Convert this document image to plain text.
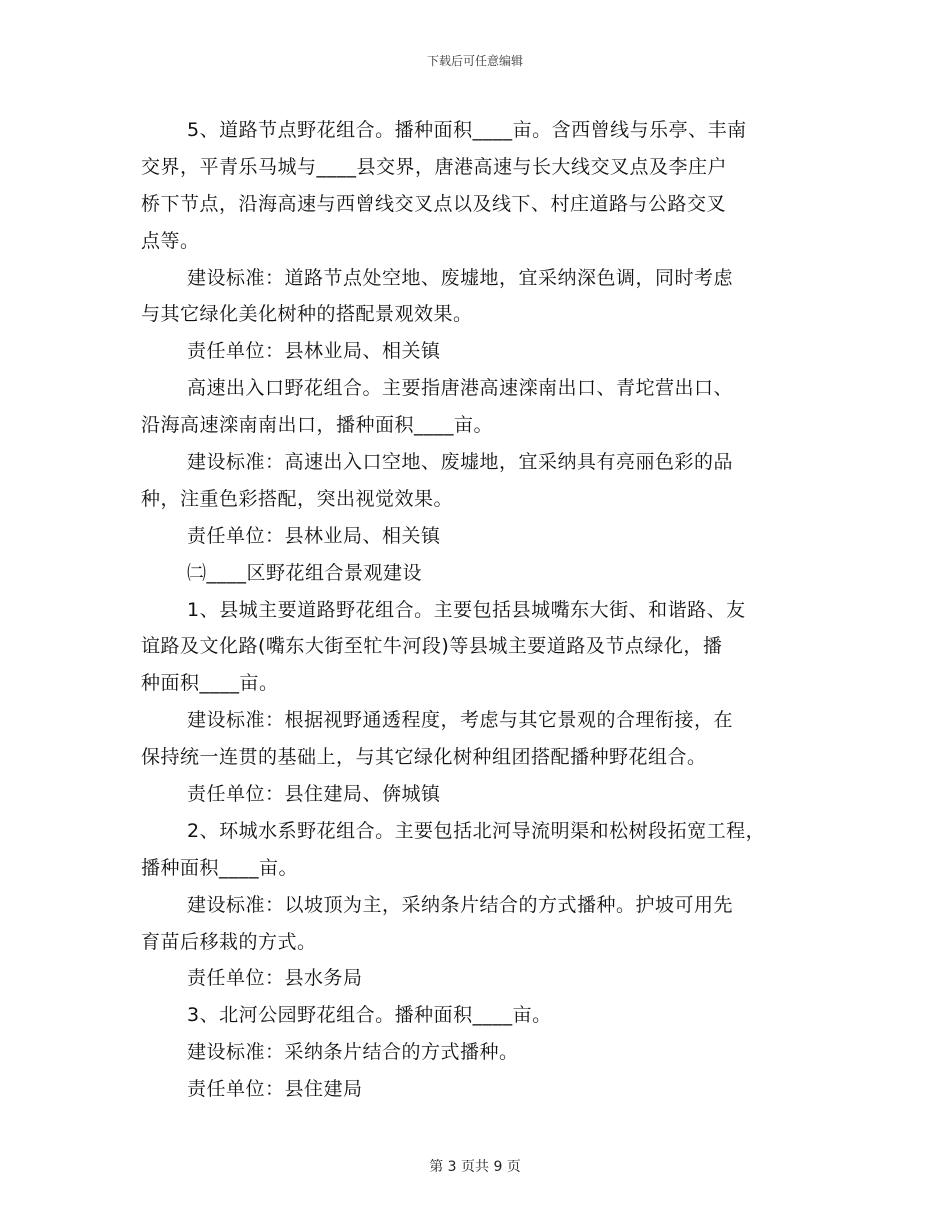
下载后可任意编辑
5、道路节点野花组合。播种面积____亩。含西曾线与乐亭、丰南
交界，平青乐马城与____县交界，唐港高速与长大线交叉点及李庄户
桥下节点，沿海高速与西曾线交叉点以及线下、村庄道路与公路交叉
点等。
建设标准：道路节点处空地、废墟地，宜采纳深色调，同时考虑
与其它绿化美化树种的搭配景观效果。
责任单位：县林业局、相关镇
高速出入口野花组合。主要指唐港高速滦南出口、青坨营出口、
沿海高速滦南南出口，播种面积____亩。
建设标准：高速出入口空地、废墟地，宜采纳具有亮丽色彩的品
种，注重色彩搭配，突出视觉效果。
责任单位：县林业局、相关镇
㈡____区野花组合景观建设
1、县城主要道路野花组合。主要包括县城嘴东大街、和谐路、友
谊路及文化路(嘴东大街至牤牛河段)等县城主要道路及节点绿化，播
种面积____亩。
建设标准：根据视野通透程度，考虑与其它景观的合理衔接，在
保持统一连贯的基础上，与其它绿化树种组团搭配播种野花组合。
责任单位：县住建局、倴城镇
2、环城水系野花组合。主要包括北河导流明渠和松树段拓宽工程，
播种面积____亩。
建设标准：以坡顶为主，采纳条片结合的方式播种。护坡可用先
育苗后移栽的方式。
责任单位：县水务局
3、北河公园野花组合。播种面积____亩。
建设标准：采纳条片结合的方式播种。
责任单位：县住建局
第 3 页共 9 页
